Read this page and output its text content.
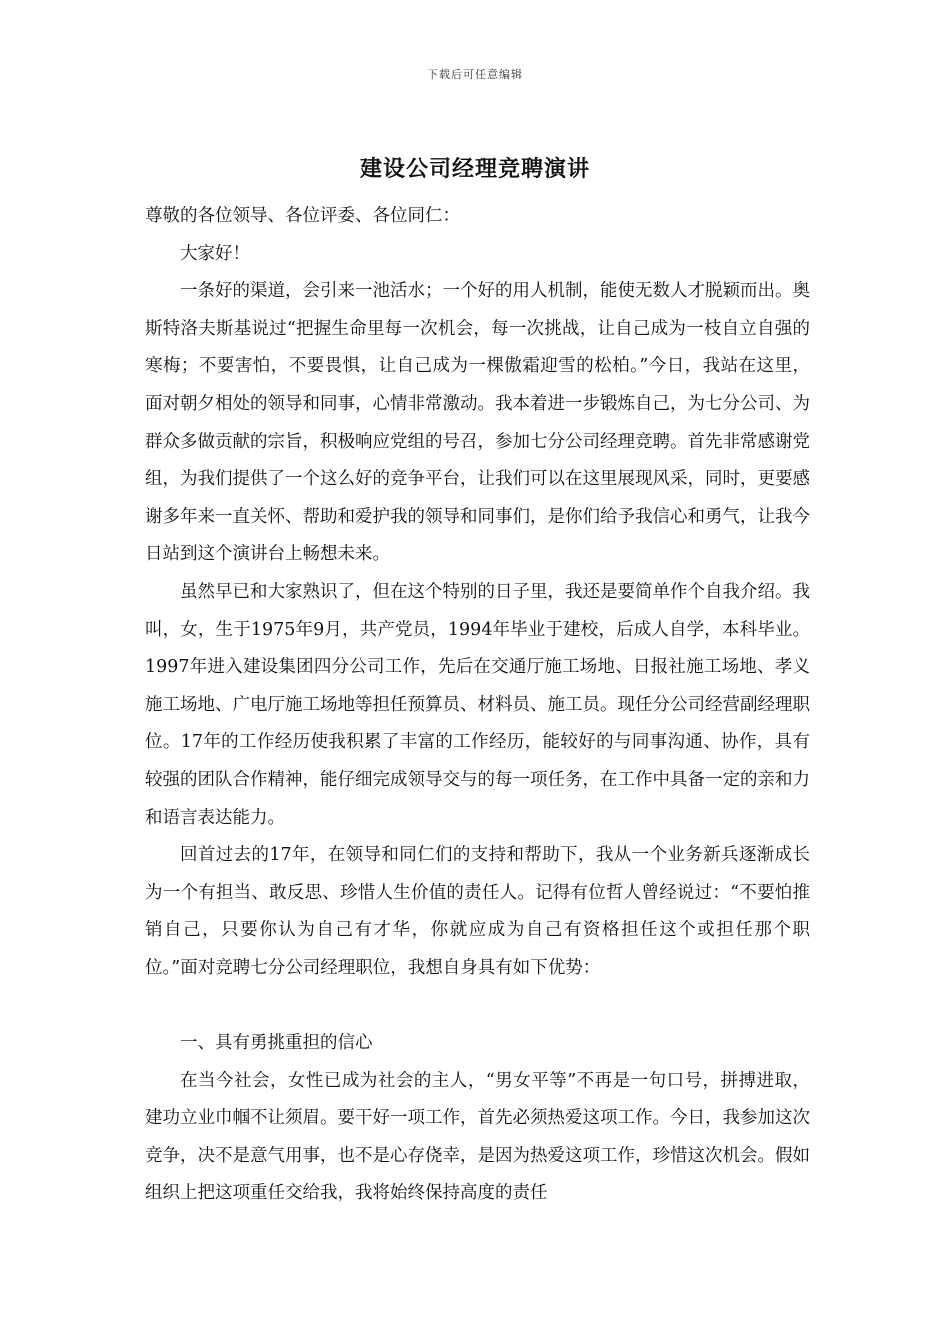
下载后可任意编辑
建设公司经理竞聘演讲

尊敬的各位领导、各位评委、各位同仁：

大家好！

一条好的渠道，会引来一池活水；一个好的用人机制，能使无数人才脱颖而出。奥斯特洛夫斯基说过“把握生命里每一次机会，每一次挑战，让自己成为一枝自立自强的寒梅；不要害怕，不要畏惧，让自己成为一棵傲霜迎雪的松柏。”今日，我站在这里，面对朝夕相处的领导和同事，心情非常激动。我本着进一步锻炼自己，为七分公司、为群众多做贡献的宗旨，积极响应党组的号召，参加七分公司经理竞聘。首先非常感谢党组，为我们提供了一个这么好的竞争平台，让我们可以在这里展现风采，同时，更要感谢多年来一直关怀、帮助和爱护我的领导和同事们，是你们给予我信心和勇气，让我今日站到这个演讲台上畅想未来。

虽然早已和大家熟识了，但在这个特别的日子里，我还是要简单作个自我介绍。我叫，女，生于1975年9月，共产党员，1994年毕业于建校，后成人自学，本科毕业。1997年进入建设集团四分公司工作，先后在交通厅施工场地、日报社施工场地、孝义施工场地、广电厅施工场地等担任预算员、材料员、施工员。现任分公司经营副经理职位。17年的工作经历使我积累了丰富的工作经历，能较好的与同事沟通、协作，具有较强的团队合作精神，能仔细完成领导交与的每一项任务，在工作中具备一定的亲和力和语言表达能力。

回首过去的17年，在领导和同仁们的支持和帮助下，我从一个业务新兵逐渐成长为一个有担当、敢反思、珍惜人生价值的责任人。记得有位哲人曾经说过：“不要怕推销自己，只要你认为自己有才华，你就应成为自己有资格担任这个或担任那个职位。”面对竞聘七分公司经理职位，我想自身具有如下优势：

一、具有勇挑重担的信心

在当今社会，女性已成为社会的主人，“男女平等”不再是一句口号，拼搏进取，建功立业巾帼不让须眉。要干好一项工作，首先必须热爱这项工作。今日，我参加这次竞争，决不是意气用事，也不是心存侥幸，是因为热爱这项工作，珍惜这次机会。假如组织上把这项重任交给我，我将始终保持高度的责任
